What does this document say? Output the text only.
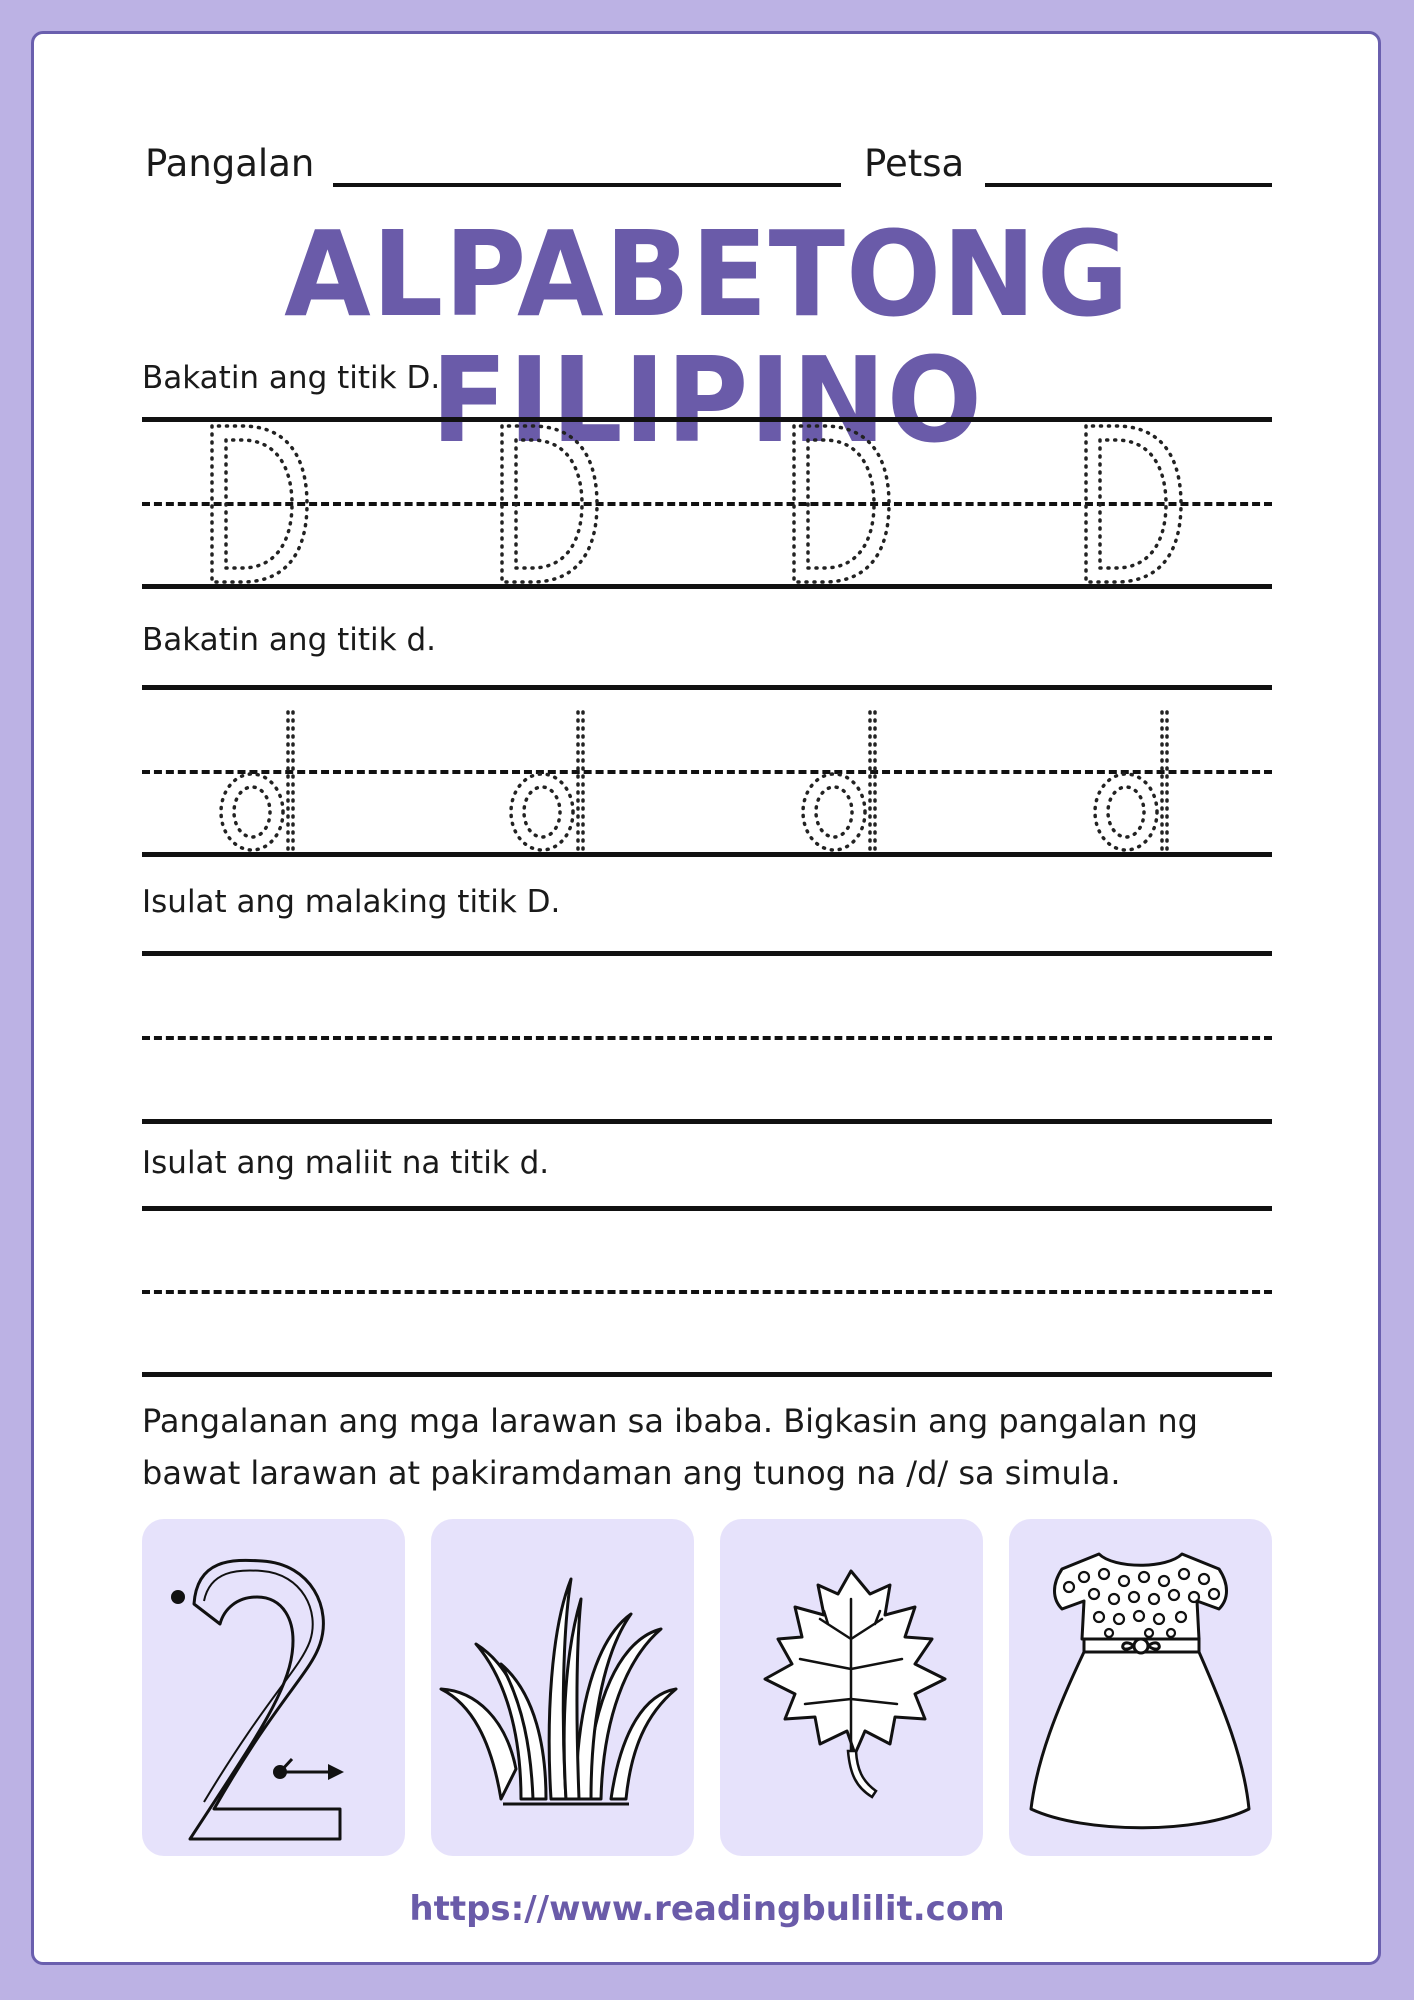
Pangalan	Petsa
ALPABETONG FILIPINO
Bakatin ang titik D.
Bakatin ang titik d.
Isulat ang malaking titik D.
Isulat ang maliit na titik d.
Pangalanan ang mga larawan sa ibaba. Bigkasin ang pangalan ng bawat larawan at pakiramdaman ang tunog na /d/ sa simula.
https://www.readingbulilit.com
